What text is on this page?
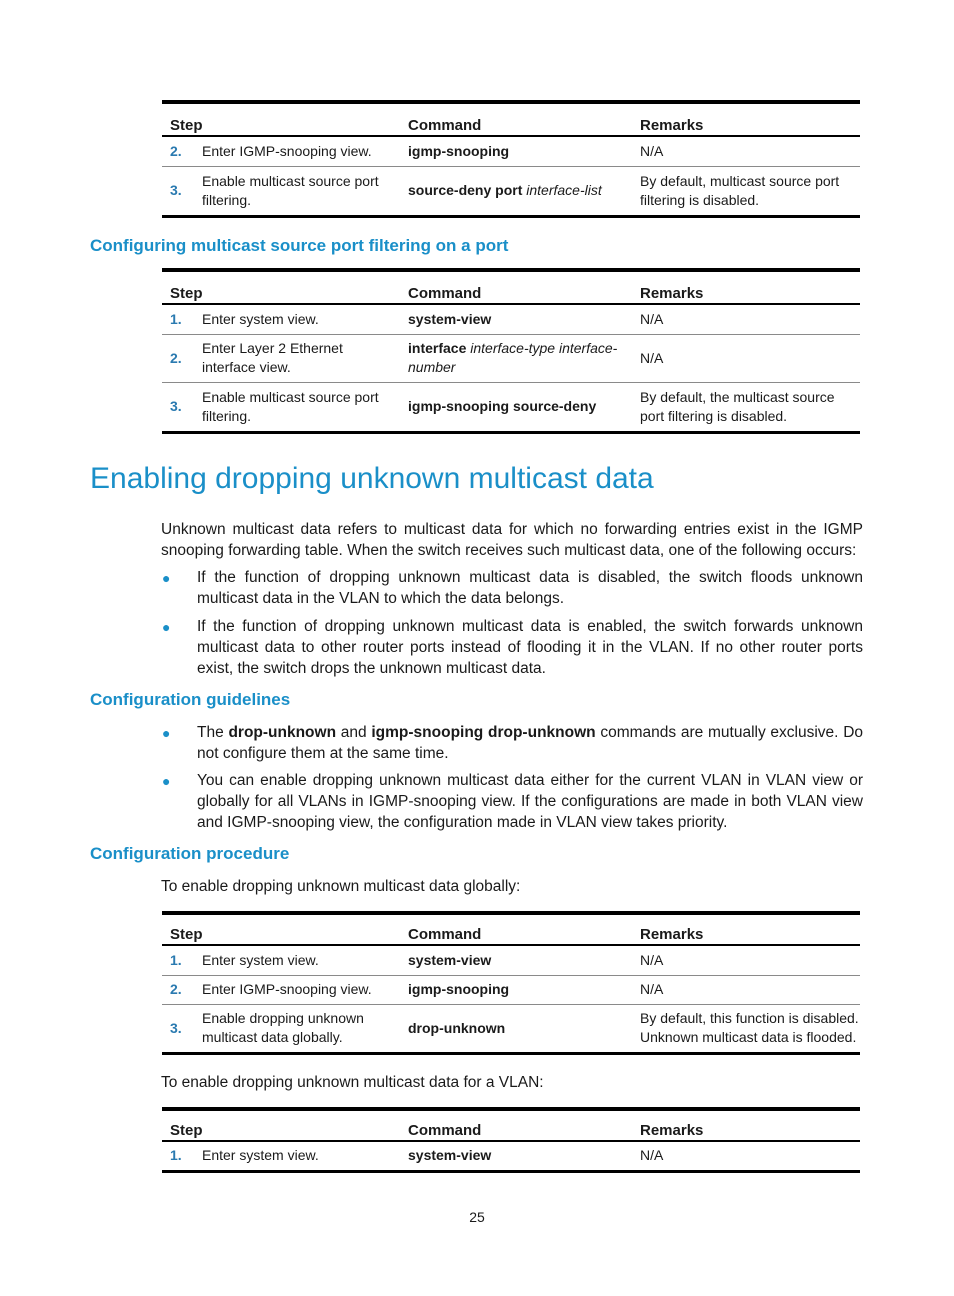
Step		Command	Remarks
2.	Enter IGMP-snooping view.	igmp-snooping	N/A
3.	Enable multicast source port filtering.	source-deny port interface-list	By default, multicast source port filtering is disabled.
Configuring multicast source port filtering on a port
Step		Command	Remarks
1.	Enter system view.	system-view	N/A
2.	Enter Layer 2 Ethernet interface view.	interface interface-type interface-number	N/A
3.	Enable multicast source port filtering.	igmp-snooping source-deny	By default, the multicast source port filtering is disabled.
Enabling dropping unknown multicast data
Unknown multicast data refers to multicast data for which no forwarding entries exist in the IGMP snooping forwarding table. When the switch receives such multicast data, one of the following occurs:
● If the function of dropping unknown multicast data is disabled, the switch floods unknown multicast data in the VLAN to which the data belongs.
● If the function of dropping unknown multicast data is enabled, the switch forwards unknown multicast data to other router ports instead of flooding it in the VLAN. If no other router ports exist, the switch drops the unknown multicast data.
Configuration guidelines
● The drop-unknown and igmp-snooping drop-unknown commands are mutually exclusive. Do not configure them at the same time.
● You can enable dropping unknown multicast data either for the current VLAN in VLAN view or globally for all VLANs in IGMP-snooping view. If the configurations are made in both VLAN view and IGMP-snooping view, the configuration made in VLAN view takes priority.
Configuration procedure
To enable dropping unknown multicast data globally:
Step		Command	Remarks
1.	Enter system view.	system-view	N/A
2.	Enter IGMP-snooping view.	igmp-snooping	N/A
3.	Enable dropping unknown multicast data globally.	drop-unknown	By default, this function is disabled. Unknown multicast data is flooded.
To enable dropping unknown multicast data for a VLAN:
Step		Command	Remarks
1.	Enter system view.	system-view	N/A
25
